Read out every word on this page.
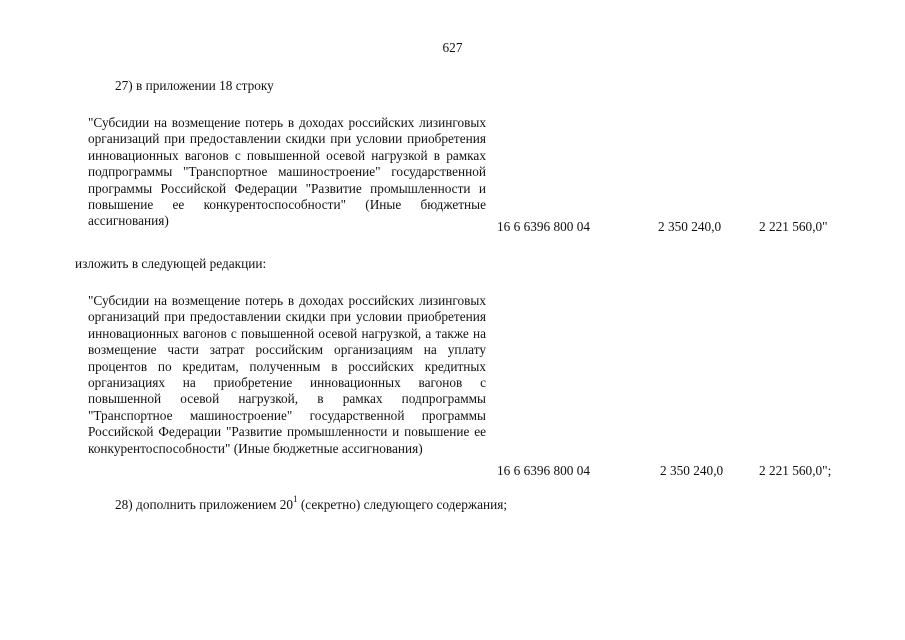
627
27) в приложении 18 строку
"Субсидии на возмещение потерь в доходах российских лизинговых организаций при предоставлении скидки при условии приобретения инновационных вагонов с повышенной осевой нагрузкой в рамках подпрограммы "Транспортное машиностроение" государственной программы Российской Федерации "Развитие промышленности и повышение ее конкурентоспособности" (Иные бюджетные ассигнования)	16 6 6396 800 04	2 350 240,0	2 221 560,0"
изложить в следующей редакции:
"Субсидии на возмещение потерь в доходах российских лизинговых организаций при предоставлении скидки при условии приобретения инновационных вагонов с повышенной осевой нагрузкой, а также на возмещение части затрат российским организациям на уплату процентов по кредитам, полученным в российских кредитных организациях на приобретение инновационных вагонов с повышенной осевой нагрузкой, в рамках подпрограммы "Транспортное машиностроение" государственной программы Российской Федерации "Развитие промышленности и повышение ее конкурентоспособности" (Иные бюджетные ассигнования)
16 6 6396 800 04	2 350 240,0	2 221 560,0";
28) дополнить приложением $20^1$ (секретно) следующего содержания;
